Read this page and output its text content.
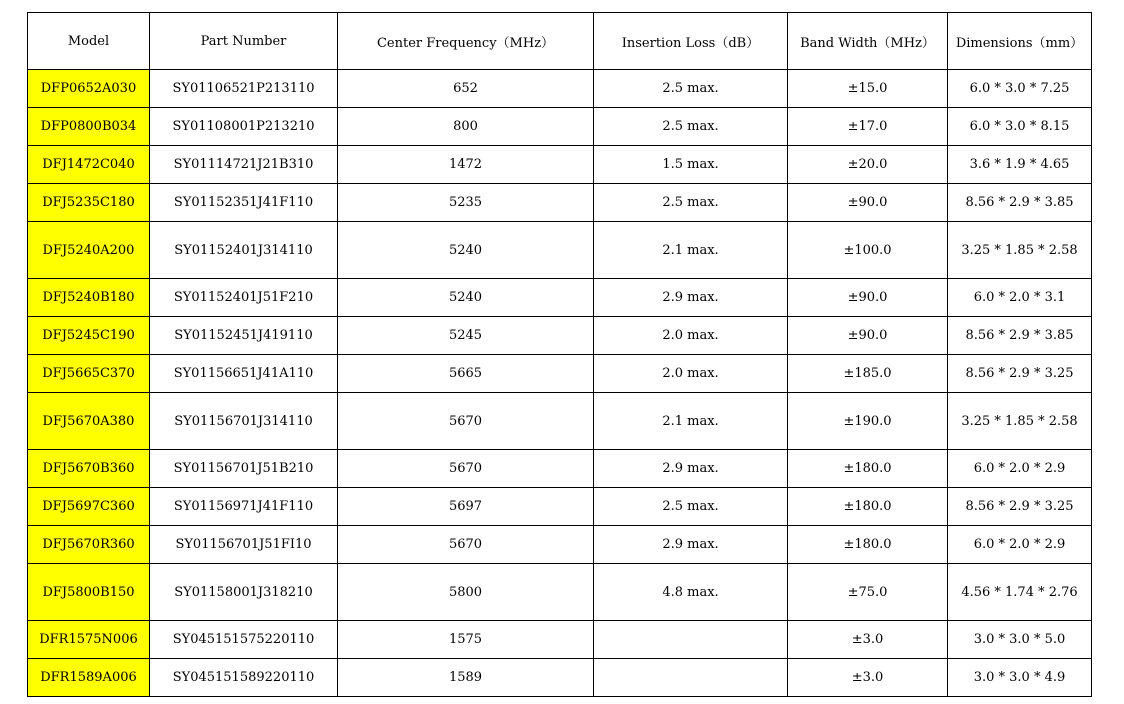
Model	Part Number	Center Frequency（MHz）	Insertion Loss（dB）	Band Width（MHz）	Dimensions（mm）
DFP0652A030	SY01106521P213110	652	2.5 max.	±15.0	6.0 * 3.0 * 7.25
DFP0800B034	SY01108001P213210	800	2.5 max.	±17.0	6.0 * 3.0 * 8.15
DFJ1472C040	SY01114721J21B310	1472	1.5 max.	±20.0	3.6 * 1.9 * 4.65
DFJ5235C180	SY01152351J41F110	5235	2.5 max.	±90.0	8.56 * 2.9 * 3.85
DFJ5240A200	SY01152401J314110	5240	2.1 max.	±100.0	3.25 * 1.85 * 2.58
DFJ5240B180	SY01152401J51F210	5240	2.9 max.	±90.0	6.0 * 2.0 * 3.1
DFJ5245C190	SY01152451J419110	5245	2.0 max.	±90.0	8.56 * 2.9 * 3.85
DFJ5665C370	SY01156651J41A110	5665	2.0 max.	±185.0	8.56 * 2.9 * 3.25
DFJ5670A380	SY01156701J314110	5670	2.1 max.	±190.0	3.25 * 1.85 * 2.58
DFJ5670B360	SY01156701J51B210	5670	2.9 max.	±180.0	6.0 * 2.0 * 2.9
DFJ5697C360	SY01156971J41F110	5697	2.5 max.	±180.0	8.56 * 2.9 * 3.25
DFJ5670R360	SY01156701J51FI10	5670	2.9 max.	±180.0	6.0 * 2.0 * 2.9
DFJ5800B150	SY01158001J318210	5800	4.8 max.	±75.0	4.56 * 1.74 * 2.76
DFR1575N006	SY045151575220110	1575		±3.0	3.0 * 3.0 * 5.0
DFR1589A006	SY045151589220110	1589		±3.0	3.0 * 3.0 * 4.9
